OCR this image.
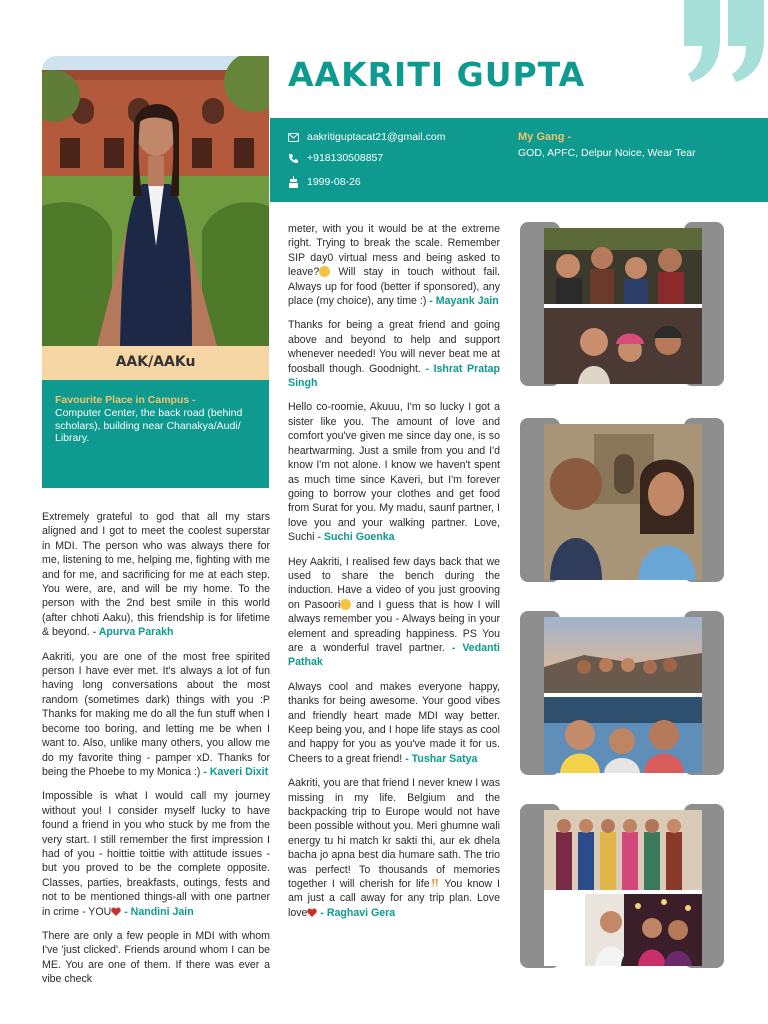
AAKRITI GUPTA
aakritiguptacat21@gmail.com
+918130508857
1999-08-26
My Gang -
GOD, APFC, Delpur Noice, Wear Tear
AAK/AAKu
Favourite Place in Campus -
Computer Center, the back road (behind scholars), building near Chanakya/Audi/ Library.

Extremely grateful to god that all my stars aligned and I got to meet the coolest superstar in MDI. The person who was always there for me, listening to me, helping me, fighting with me and for me, and sacrificing for me at each step. You were, are, and will be my home. To the person with the 2nd best smile in this world (after chhoti Aaku), this friendship is for lifetime & beyond. - Apurva Parakh

Aakriti, you are one of the most free spirited person I have ever met. It's always a lot of fun having long conversations about the most random (sometimes dark) things with you :P Thanks for making me do all the fun stuff when I become too boring, and letting me be when I want to. Also, unlike many others, you allow me do my favorite thing - pamper xD. Thanks for being the Phoebe to my Monica :) - Kaveri Dixit

Impossible is what I would call my journey without you! I consider myself lucky to have found a friend in you who stuck by me from the very start. I still remember the first impression I had of you - hoittie toittie with attitude issues - but you proved to be the complete opposite. Classes, parties, breakfasts, outings, fests and not to be mentioned things-all with one partner in crime - YOU - Nandini Jain

There are only a few people in MDI with whom I've 'just clicked'. Friends around whom I can be ME. You are one of them. If there was ever a vibe check

meter, with you it would be at the extreme right. Trying to break the scale. Remember SIP day0 virtual mess and being asked to leave? Will stay in touch without fail. Always up for food (better if sponsored), any place (my choice), any time :) - Mayank Jain

Thanks for being a great friend and going above and beyond to help and support whenever needed! You will never beat me at foosball though. Goodnight. - Ishrat Pratap Singh

Hello co-roomie, Akuuu, I'm so lucky I got a sister like you. The amount of love and comfort you've given me since day one, is so heartwarming. Just a smile from you and I'd know I'm not alone. I know we haven't spent as much time since Kaveri, but I'm forever going to borrow your clothes and get food from Surat for you. My madu, saunf partner, I love you and your walking partner. Love, Suchi - Suchi Goenka

Hey Aakriti, I realised few days back that we used to share the bench during the induction. Have a video of you just grooving on Pasoori and I guess that is how I will always remember you - Always being in your element and spreading happiness. PS You are a wonderful travel partner. - Vedanti Pathak

Always cool and makes everyone happy, thanks for being awesome. Your good vibes and friendly heart made MDI way better. Keep being you, and I hope life stays as cool and happy for you as you've made it for us. Cheers to a great friend! - Tushar Satya

Aakriti, you are that friend I never knew I was missing in my life. Belgium and the backpacking trip to Europe would not have been possible without you. Meri ghumne wali energy tu hi match kr sakti thi, aur ek dhela bacha jo apna best dia humare sath. The trio was perfect! To thousands of memories together I will cherish for life You know I am just a call away for any trip plan. Love love - Raghavi Gera
